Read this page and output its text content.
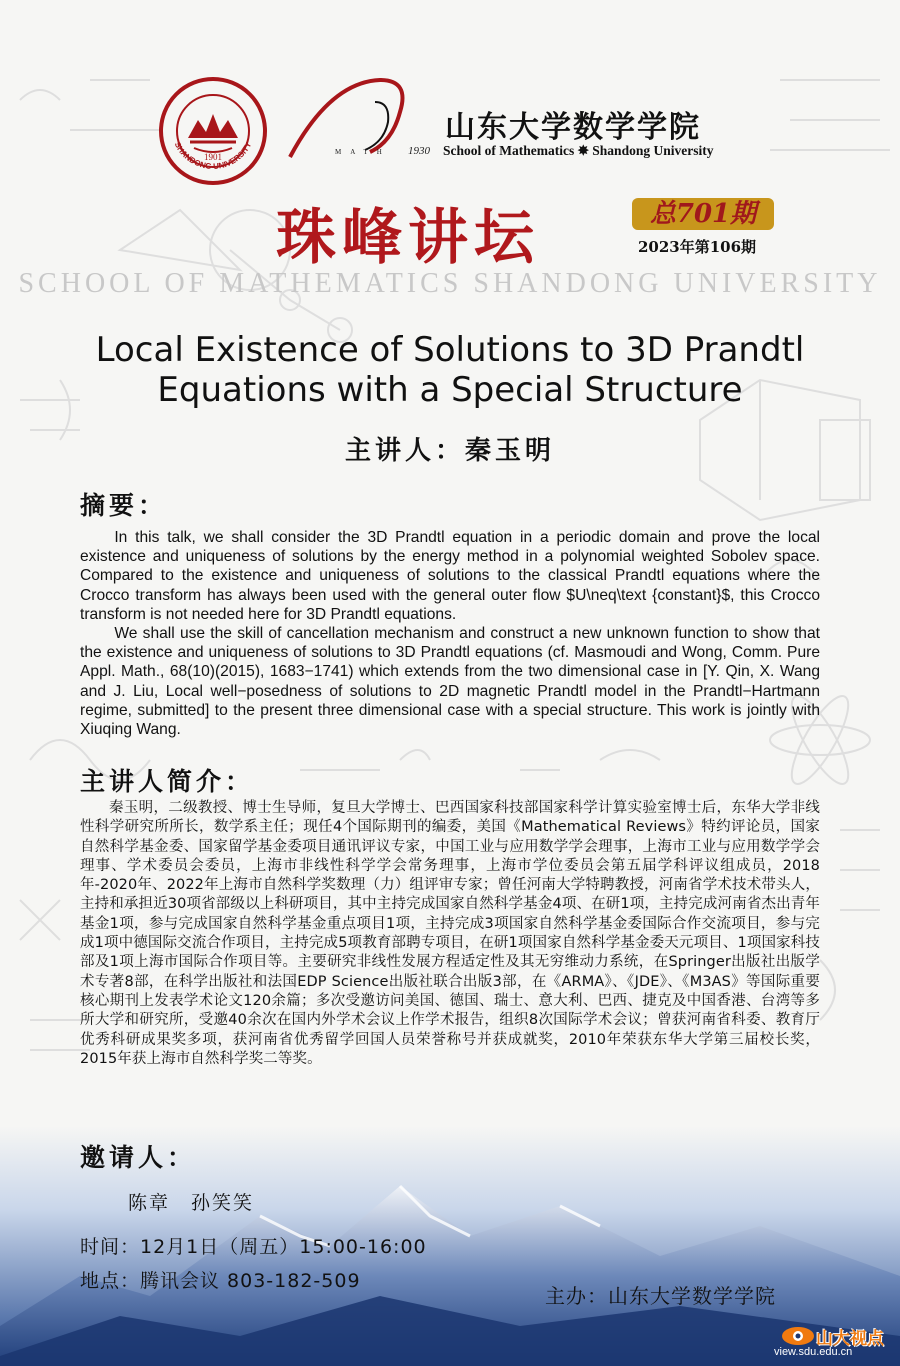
1901
SHANDONG UNIVERSITY
MATH 1930
山东大学数学学院
School of Mathematics ✸ Shandong University
珠峰讲坛	总701期
2023年第106期
SCHOOL OF MATHEMATICS SHANDONG UNIVERSITY
Local Existence of Solutions to 3D Prandtl Equations with a Special Structure
主讲人：秦玉明
摘要：

In this talk, we shall consider the 3D Prandtl equation in a periodic domain and prove the local existence and uniqueness of solutions by the energy method in a polynomial weighted Sobolev space. Compared to the existence and uniqueness of solutions to the classical Prandtl equations where the Crocco transform has always been used with the general outer flow $U\neq\text {constant}$, this Crocco transform is not needed here for 3D Prandtl equations.

We shall use the skill of cancellation mechanism and construct a new unknown function to show that the existence and uniqueness of solutions to 3D Prandtl equations (cf. Masmoudi and Wong, Comm. Pure Appl. Math., 68(10)(2015), 1683−1741) which extends from the two dimensional case in [Y. Qin, X. Wang and J. Liu, Local well−posedness of solutions to 2D magnetic Prandtl model in the Prandtl−Hartmann regime, submitted] to the present three dimensional case with a special structure. This work is jointly with Xiuqing Wang.

主讲人简介：

秦玉明，二级教授、博士生导师，复旦大学博士、巴西国家科技部国家科学计算实验室博士后，东华大学非线性科学研究所所长，数学系主任；现任4个国际期刊的编委，美国《Mathematical Reviews》特约评论员，国家自然科学基金委、国家留学基金委项目通讯评议专家，中国工业与应用数学学会理事，上海市工业与应用数学学会理事、学术委员会委员，上海市非线性科学学会常务理事，上海市学位委员会第五届学科评议组成员，2018年-2020年、2022年上海市自然科学奖数理（力）组评审专家；曾任河南大学特聘教授，河南省学术技术带头人，主持和承担近30项省部级以上科研项目，其中主持完成国家自然科学基金4项、在研1项，主持完成河南省杰出青年基金1项，参与完成国家自然科学基金重点项目1项，主持完成3项国家自然科学基金委国际合作交流项目，参与完成1项中德国际交流合作项目，主持完成5项教育部聘专项目，在研1项国家自然科学基金委天元项目、1项国家科技部及1项上海市国际合作项目等。主要研究非线性发展方程适定性及其无穷维动力系统，在Springer出版社出版学术专著8部，在科学出版社和法国EDP Science出版社联合出版3部，在《ARMA》、《JDE》、《M3AS》等国际重要核心期刊上发表学术论文120余篇；多次受邀访问美国、德国、瑞士、意大利、巴西、捷克及中国香港、台湾等多所大学和研究所，受邀40余次在国内外学术会议上作学术报告，组织8次国际学术会议；曾获河南省科委、教育厅优秀科研成果奖多项，获河南省优秀留学回国人员荣誉称号并获成就奖，2010年荣获东华大学第三届校长奖，2015年获上海市自然科学奖二等奖。

邀请人：
陈章　孙笑笑
时间：12月1日（周五）15:00-16:00
地点：腾讯会议 803-182-509
主办：山东大学数学学院
山大视点
view.sdu.edu.cn
